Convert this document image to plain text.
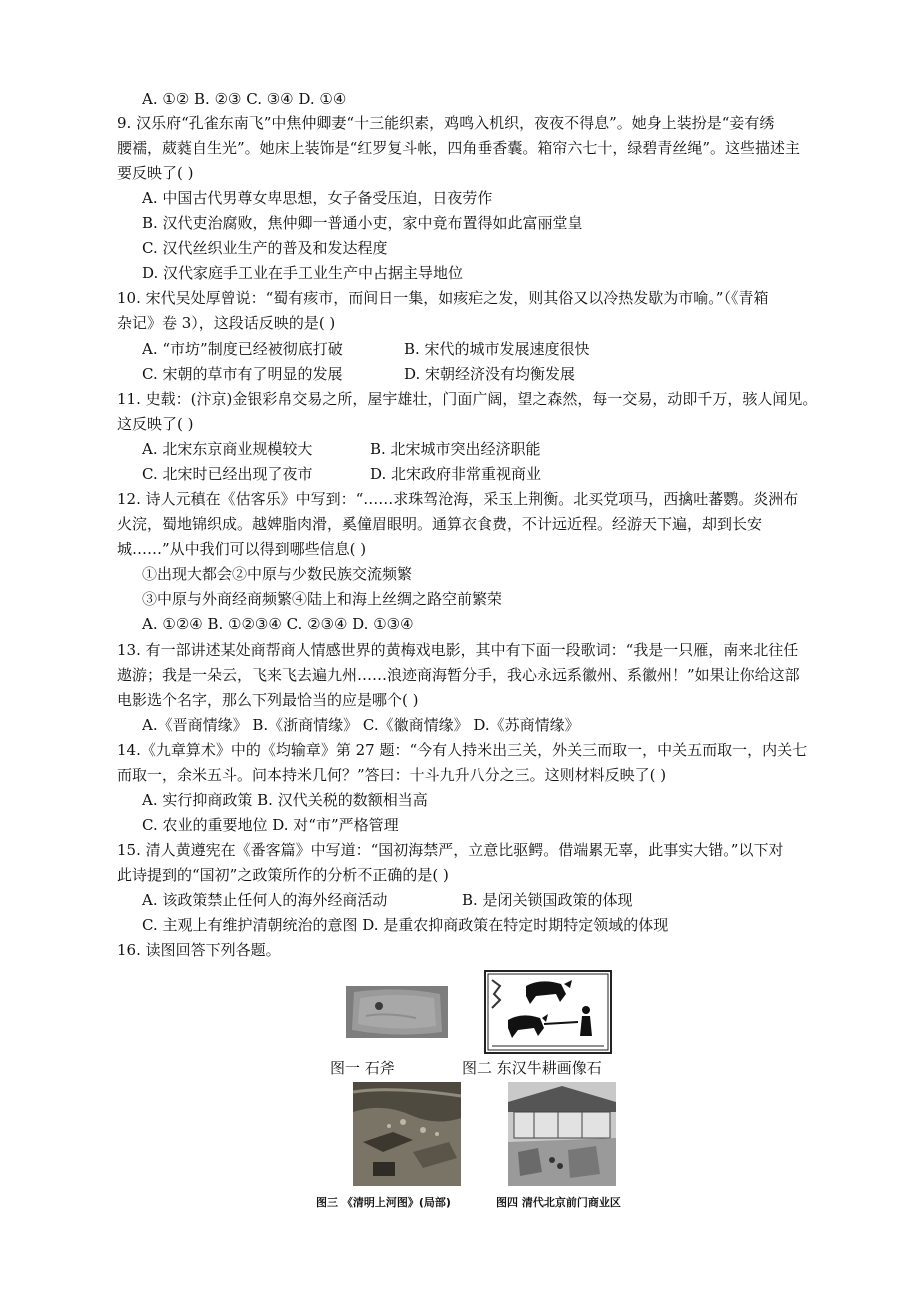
A. ①② B. ②③ C. ③④ D. ①④
9. 汉乐府“孔雀东南飞”中焦仲卿妻“十三能织素，鸡鸣入机织，夜夜不得息”。她身上装扮是“妾有绣
腰襦，葳蕤自生光”。她床上装饰是“红罗复斗帐，四角垂香囊。箱帘六七十，绿碧青丝绳”。这些描述主
要反映了( )
A. 中国古代男尊女卑思想，女子备受压迫，日夜劳作
B. 汉代吏治腐败，焦仲卿一普通小吏，家中竟布置得如此富丽堂皇
C. 汉代丝织业生产的普及和发达程度
D. 汉代家庭手工业在手工业生产中占据主导地位
10. 宋代吴处厚曾说：“蜀有痎市，而间日一集，如痎疟之发，则其俗又以冷热发歇为市喻。”（《青箱
杂记》卷 3），这段话反映的是( )
A. “市坊”制度已经被彻底打破	B. 宋代的城市发展速度很快
C. 宋朝的草市有了明显的发展	D. 宋朝经济没有均衡发展
11. 史载：(汴京)金银彩帛交易之所，屋宇雄壮，门面广阔，望之森然，每一交易，动即千万，骇人闻见。
这反映了( )
A. 北宋东京商业规模较大	B. 北宋城市突出经济职能
C. 北宋时已经出现了夜市	D. 北宋政府非常重视商业
12. 诗人元稹在《估客乐》中写到：“……求珠驾沧海，采玉上荆衡。北买党项马，西擒吐蕃鹦。炎洲布
火浣，蜀地锦织成。越婢脂肉滑，奚僮眉眼明。通算衣食费，不计远近程。经游天下遍，却到长安
城……”从中我们可以得到哪些信息( )
①出现大都会②中原与少数民族交流频繁
③中原与外商经商频繁④陆上和海上丝绸之路空前繁荣
A. ①②④ B. ①②③④ C. ②③④ D. ①③④
13. 有一部讲述某处商帮商人情感世界的黄梅戏电影，其中有下面一段歌词：“我是一只雁，南来北往任
遨游；我是一朵云，飞来飞去遍九州……浪迹商海暂分手，我心永远系徽州、系徽州！”如果让你给这部
电影选个名字，那么下列最恰当的应是哪个( )
A.《晋商情缘》 B.《浙商情缘》 C.《徽商情缘》 D.《苏商情缘》
14.《九章算术》中的《均输章》第 27 题：“今有人持米出三关，外关三而取一，中关五而取一，内关七
而取一，余米五斗。问本持米几何？”答曰：十斗九升八分之三。这则材料反映了( )
A. 实行抑商政策 B. 汉代关税的数额相当高
C. 农业的重要地位 D. 对“市”严格管理
15. 清人黄遵宪在《番客篇》中写道：“国初海禁严，立意比驱鳄。借端累无辜，此事实大错。”以下对
此诗提到的“国初”之政策所作的分析不正确的是( )
A. 该政策禁止任何人的海外经商活动	B. 是闭关锁国政策的体现
C. 主观上有维护清朝统治的意图 D. 是重农抑商政策在特定时期特定领域的体现
16. 读图回答下列各题。
图一 石斧	图二 东汉牛耕画像石
图三 《清明上河图》(局部)	图四 清代北京前门商业区
